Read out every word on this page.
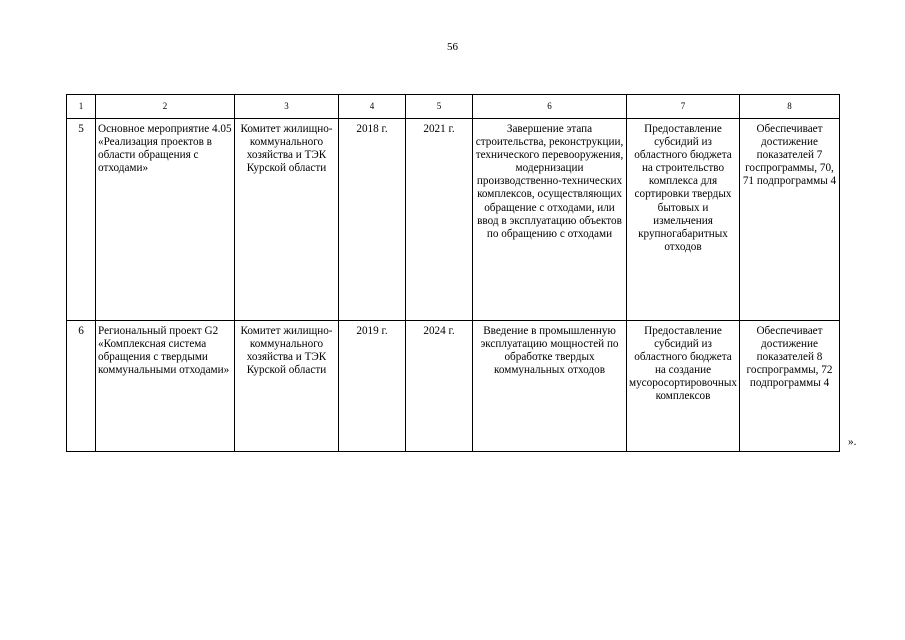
56
1	2	3	4	5	6	7	8
5	Основное мероприятие 4.05 «Реализация проектов в области обращения с отходами»	Комитет жилищно-коммунального хозяйства и ТЭК Курской области	2018 г.	2021 г.	Завершение этапа строительства, реконструкции, технического перевооружения, модернизации производственно-технических комплексов, осуществляющих обращение с отходами, или ввод в эксплуатацию объектов по обращению с отходами	Предоставление субсидий из областного бюджета на строительство комплекса для сортировки твердых бытовых и измельчения крупногабаритных отходов	Обеспечивает достижение показателей 7 госпрограммы, 70, 71 подпрограммы 4
6	Региональный проект G2 «Комплексная система обращения с твердыми коммунальными отходами»	Комитет жилищно-коммунального хозяйства и ТЭК Курской области	2019 г.	2024 г.	Введение в промышленную эксплуатацию мощностей по обработке твердых коммунальных отходов	Предоставление субсидий из областного бюджета на создание мусоросортировочных комплексов	Обеспечивает достижение показателей 8 госпрограммы, 72 подпрограммы 4
».
